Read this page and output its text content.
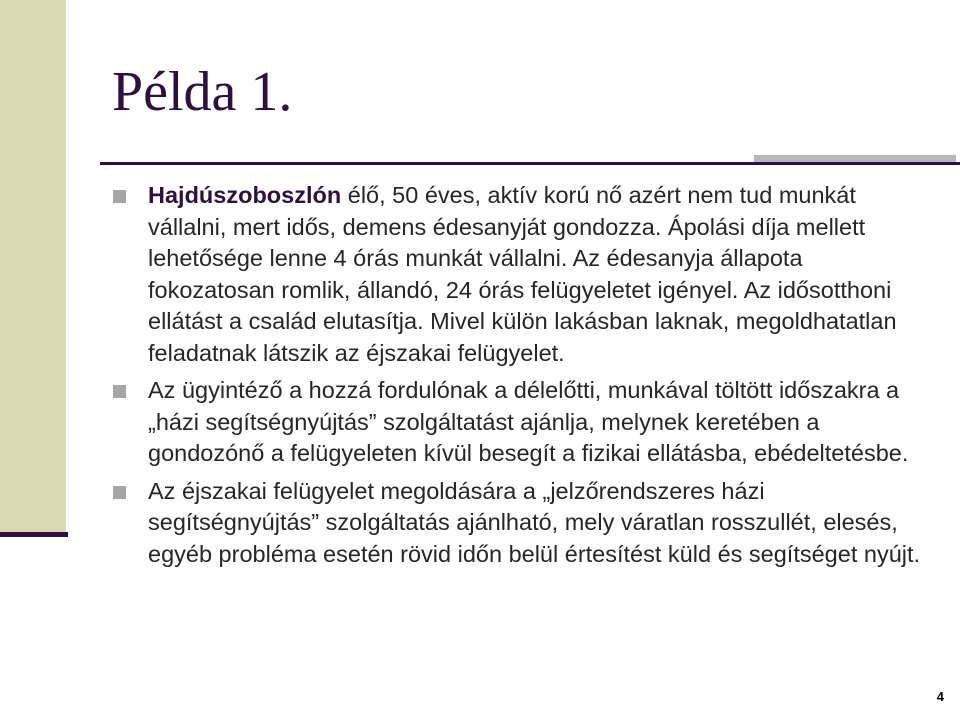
Példa 1.
Hajdúszoboszlón élő, 50 éves, aktív korú nő azért nem tud munkát vállalni, mert idős, demens édesanyját gondozza. Ápolási díja mellett lehetősége lenne 4 órás munkát vállalni. Az édesanyja állapota fokozatosan romlik, állandó, 24 órás felügyeletet igényel. Az idősotthoni ellátást a család elutasítja. Mivel külön lakásban laknak, megoldhatatlan feladatnak látszik az éjszakai felügyelet.
Az ügyintéző a hozzá fordulónak a délelőtti, munkával töltött időszakra a „házi segítségnyújtás” szolgáltatást ajánlja, melynek keretében a gondozónő a felügyeleten kívül besegít a fizikai ellátásba, ebédeltetésbe.
Az éjszakai felügyelet megoldására a „jelzőrendszeres házi segítségnyújtás” szolgáltatás ajánlható, mely váratlan rosszullét, elesés, egyéb probléma esetén rövid időn belül értesítést küld és segítséget nyújt.
4
